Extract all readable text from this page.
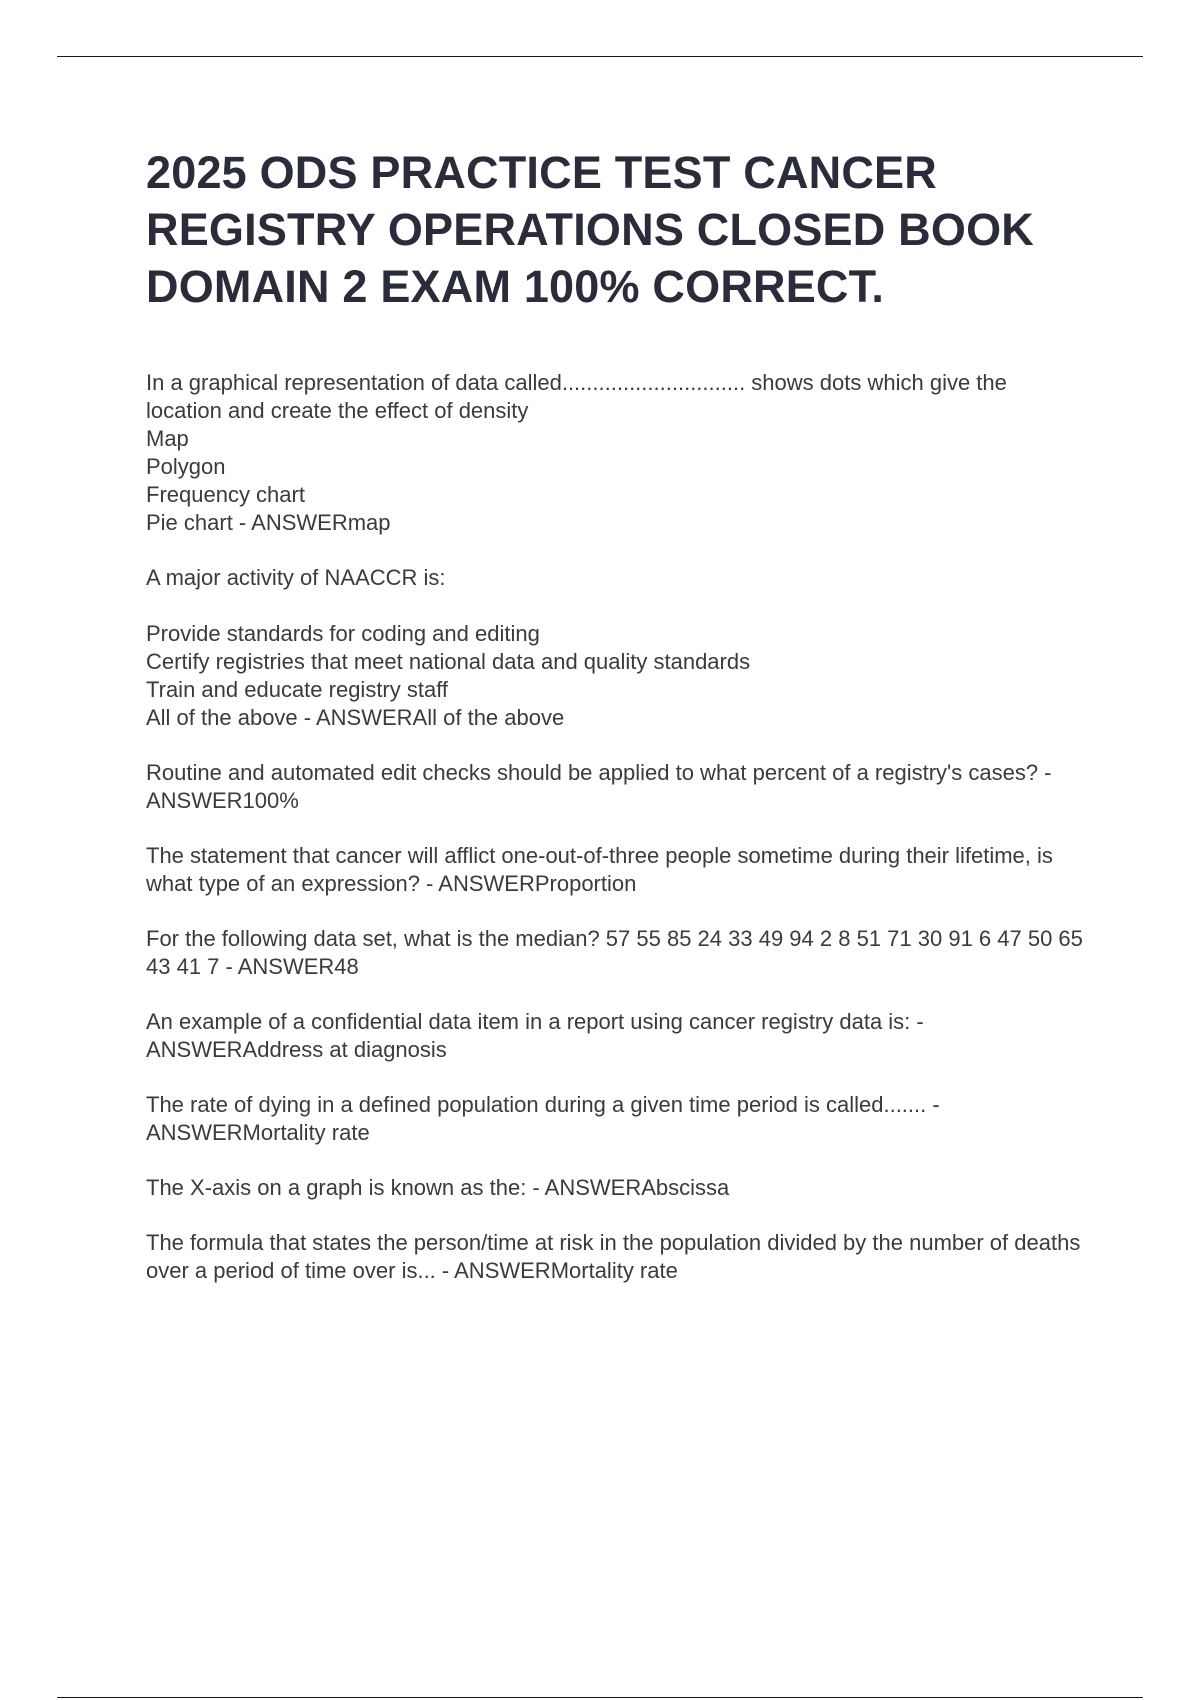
2025 ODS PRACTICE TEST CANCER REGISTRY OPERATIONS CLOSED BOOK DOMAIN 2 EXAM 100% CORRECT.
In a graphical representation of data called.............................. shows dots which give the location and create the effect of density
Map
Polygon
Frequency chart
Pie chart - ANSWERmap
A major activity of NAACCR is:
Provide standards for coding and editing
Certify registries that meet national data and quality standards
Train and educate registry staff
All of the above - ANSWERAll of the above
Routine and automated edit checks should be applied to what percent of a registry's cases? - ANSWER100%
The statement that cancer will afflict one-out-of-three people sometime during their lifetime, is what type of an expression? - ANSWERProportion
For the following data set, what is the median? 57 55 85 24 33 49 94 2 8 51 71 30 91 6 47 50 65 43 41 7 - ANSWER48
An example of a confidential data item in a report using cancer registry data is: - ANSWERAddress at diagnosis
The rate of dying in a defined population during a given time period is called....... - ANSWERMortality rate
The X-axis on a graph is known as the: - ANSWERAbscissa
The formula that states the person/time at risk in the population divided by the number of deaths over a period of time over is... - ANSWERMortality rate
